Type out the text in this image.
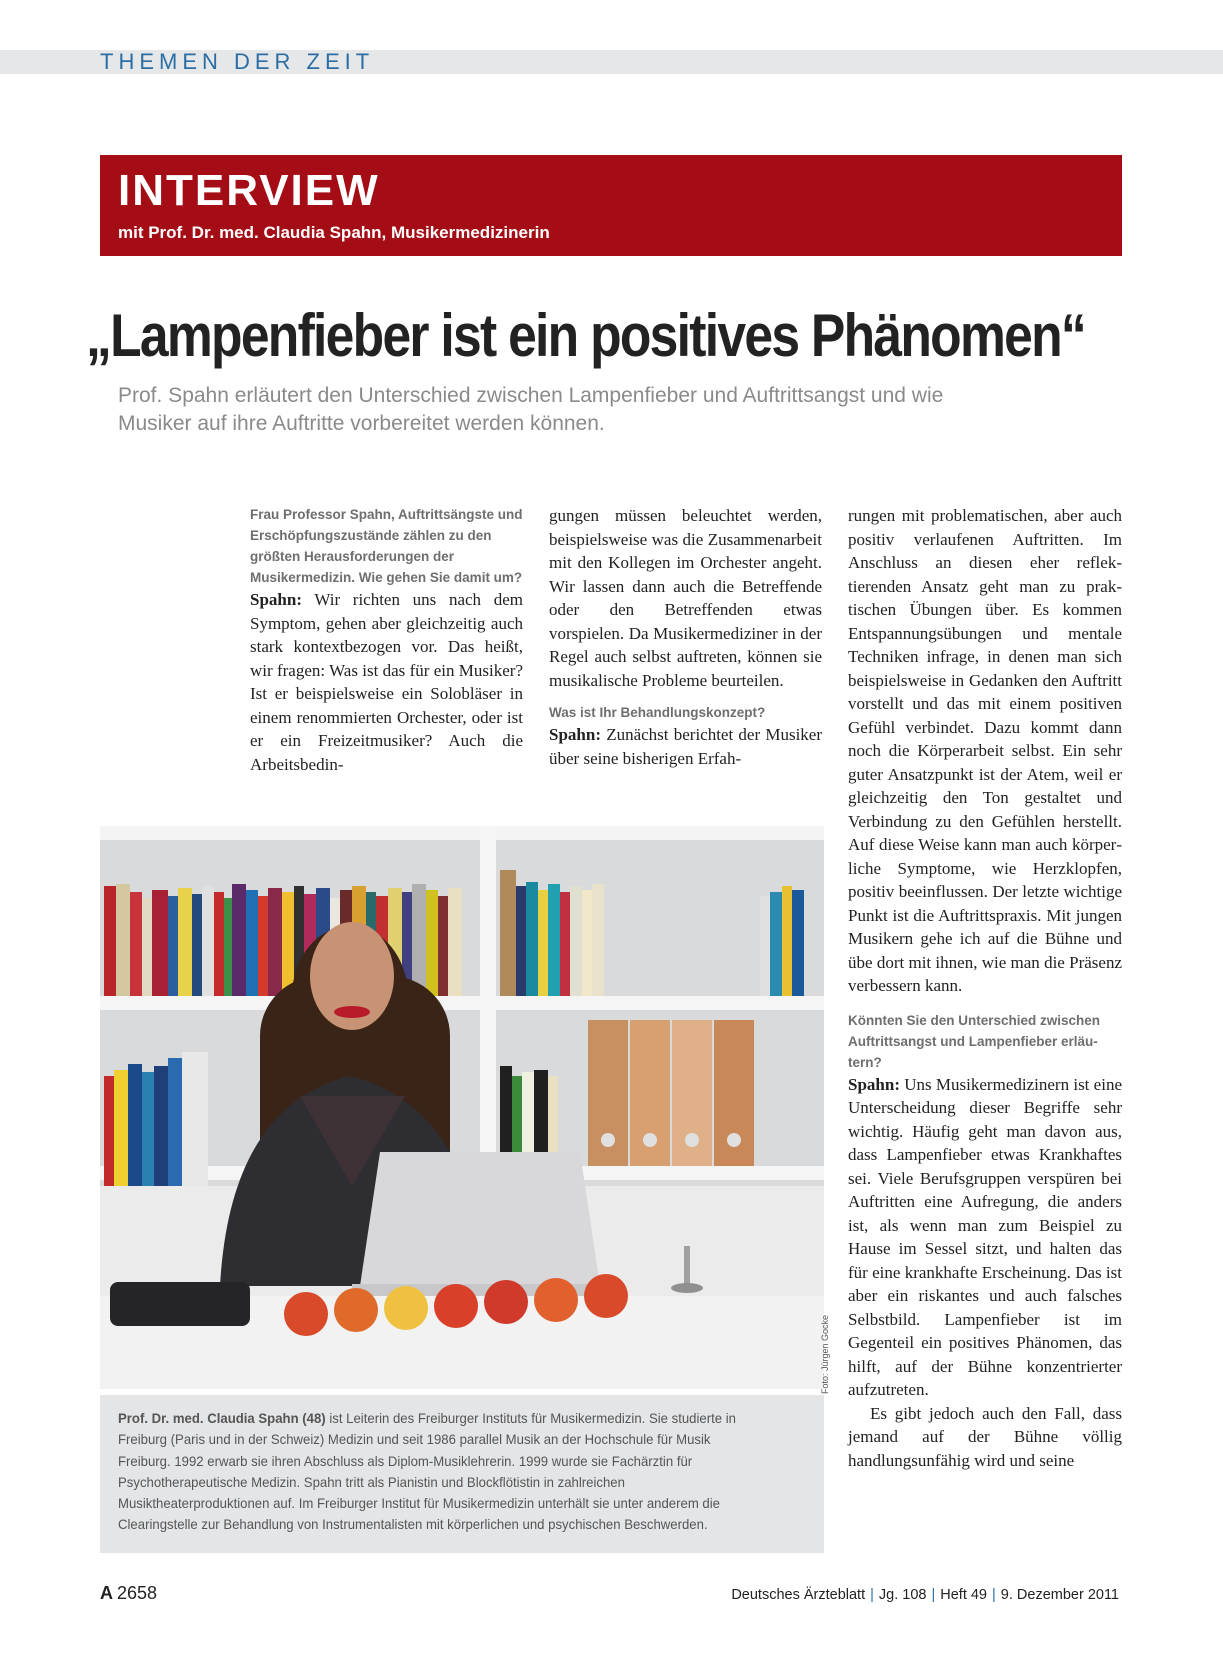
THEMEN DER ZEIT
INTERVIEW
mit Prof. Dr. med. Claudia Spahn, Musikermedizinerin
„Lampenfieber ist ein positives Phänomen“
Prof. Spahn erläutert den Unterschied zwischen Lampenfieber und Auftrittsangst und wie Musiker auf ihre Auftritte vorbereitet werden können.

Frau Professor Spahn, Auftrittsängste und Erschöpfungszustände zählen zu den größten Herausforderungen der Musikermedizin. Wie gehen Sie damit um?

Spahn: Wir richten uns nach dem Symptom, gehen aber gleichzeitig auch stark kontextbezogen vor. Das heißt, wir fragen: Was ist das für ein Musiker? Ist er beispielsweise ein Solobläser in einem renommierten Orchester, oder ist er ein Freizeitmusiker? Auch die Arbeitsbedin-

gungen müssen beleuchtet werden, beispielsweise was die Zusammenarbeit mit den Kollegen im Orchester angeht. Wir lassen dann auch die Betreffende oder den Betreffenden etwas vorspielen. Da Musikermediziner in der Regel auch selbst auftreten, können sie musikalische Probleme beurteilen.

Was ist Ihr Behandlungskonzept?

Spahn: Zunächst berichtet der Musiker über seine bisherigen Erfah-

rungen mit problematischen, aber auch positiv verlaufenen Auftritten. Im Anschluss an diesen eher reflektierenden Ansatz geht man zu praktischen Übungen über. Es kommen Entspannungsübungen und mentale Techniken infrage, in denen man sich beispielsweise in Gedanken den Auftritt vorstellt und das mit einem positiven Gefühl verbindet. Dazu kommt dann noch die Körperarbeit selbst. Ein sehr guter Ansatzpunkt ist der Atem, weil er gleichzeitig den Ton gestaltet und Verbindung zu den Gefühlen herstellt. Auf diese Weise kann man auch körperliche Symptome, wie Herzklopfen, positiv beeinflussen. Der letzte wichtige Punkt ist die Auftrittspraxis. Mit jungen Musikern gehe ich auf die Bühne und übe dort mit ihnen, wie man die Präsenz verbessern kann.

Könnten Sie den Unterschied zwischen Auftrittsangst und Lampenfieber erläutern?

Spahn: Uns Musikermedizinern ist eine Unterscheidung dieser Begriffe sehr wichtig. Häufig geht man davon aus, dass Lampenfieber etwas Krankhaftes sei. Viele Berufsgruppen verspüren bei Auftritten eine Aufregung, die anders ist, als wenn man zum Beispiel zu Hause im Sessel sitzt, und halten das für eine krankhafte Erscheinung. Das ist aber ein riskantes und auch falsches Selbstbild. Lampenfieber ist im Gegenteil ein positives Phänomen, das hilft, auf der Bühne konzentrierter aufzutreten.

Es gibt jedoch auch den Fall, dass jemand auf der Bühne völlig handlungsunfähig wird und seine

Foto: Jürgen Gocke
Prof. Dr. med. Claudia Spahn (48) ist Leiterin des Freiburger Instituts für Musikermedizin. Sie studierte in Freiburg (Paris und in der Schweiz) Medizin und seit 1986 parallel Musik an der Hochschule für Musik Freiburg. 1992 erwarb sie ihren Abschluss als Diplom-Musiklehrerin. 1999 wurde sie Fachärztin für Psychotherapeutische Medizin. Spahn tritt als Pianistin und Blockflötistin in zahlreichen Musiktheaterproduktionen auf. Im Freiburger Institut für Musikermedizin unterhält sie unter anderem die Clearingstelle zur Behandlung von Instrumentalisten mit körperlichen und psychischen Beschwerden.
A 2658	Deutsches Ärzteblatt | Jg. 108 | Heft 49 | 9. Dezember 2011
